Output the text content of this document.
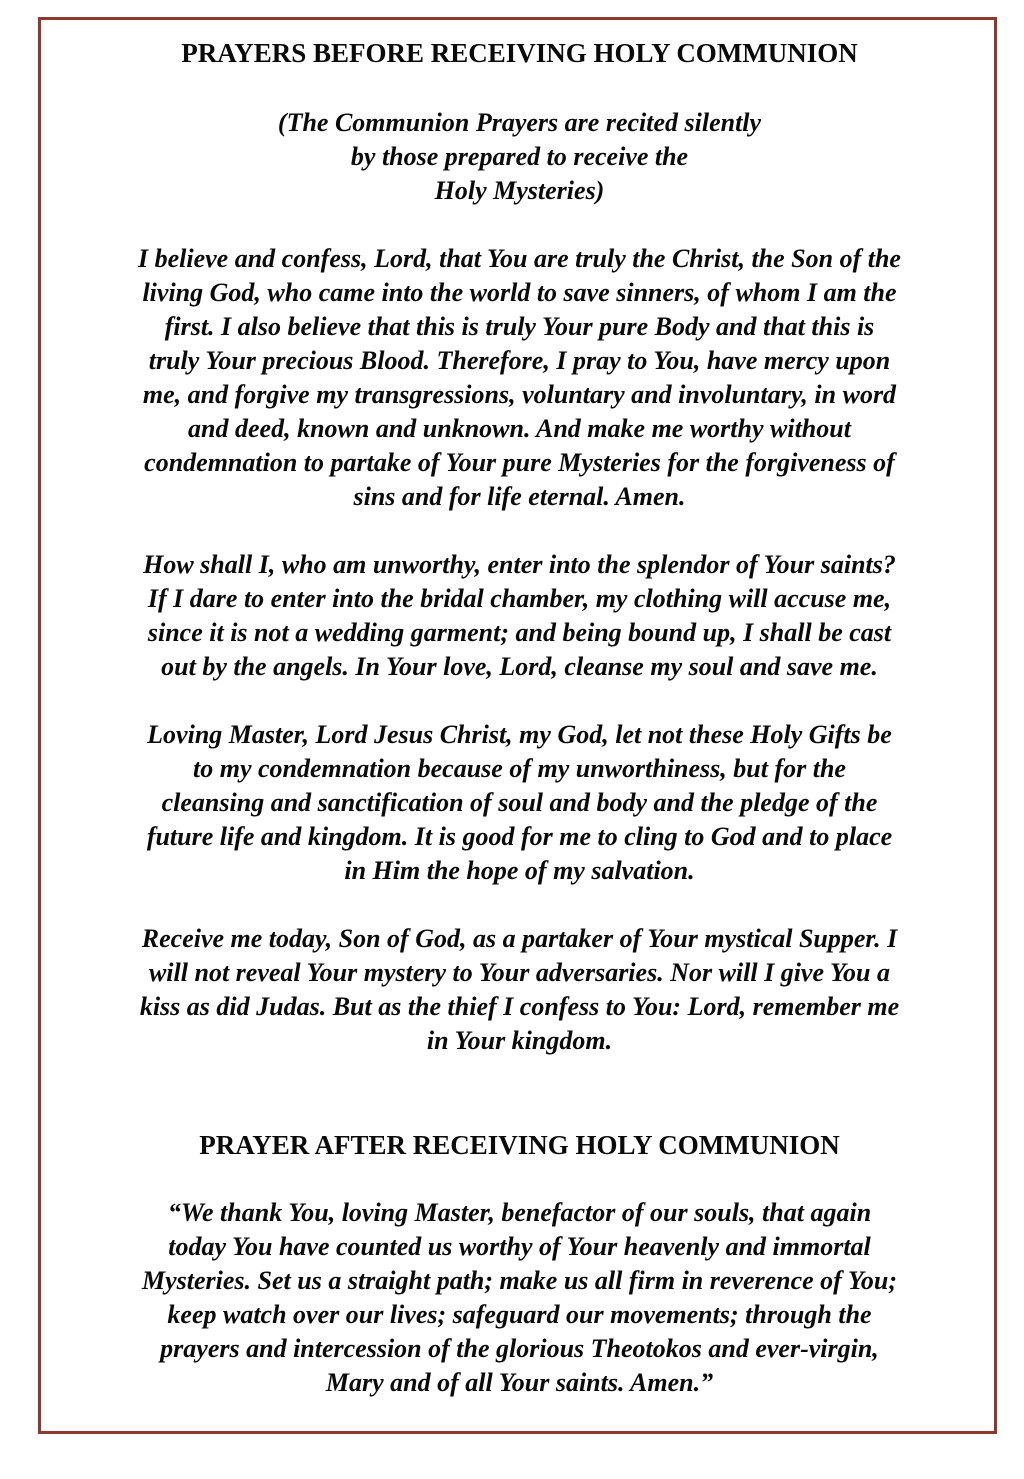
PRAYERS BEFORE RECEIVING HOLY COMMUNION

(The Communion Prayers are recited silently
by those prepared to receive the
Holy Mysteries)

I believe and confess, Lord, that You are truly the Christ, the Son of the
living God, who came into the world to save sinners, of whom I am the
first. I also believe that this is truly Your pure Body and that this is
truly Your precious Blood. Therefore, I pray to You, have mercy upon
me, and forgive my transgressions, voluntary and involuntary, in word
and deed, known and unknown. And make me worthy without
condemnation to partake of Your pure Mysteries for the forgiveness of
sins and for life eternal. Amen.

How shall I, who am unworthy, enter into the splendor of Your saints?
If I dare to enter into the bridal chamber, my clothing will accuse me,
since it is not a wedding garment; and being bound up, I shall be cast
out by the angels. In Your love, Lord, cleanse my soul and save me.

Loving Master, Lord Jesus Christ, my God, let not these Holy Gifts be
to my condemnation because of my unworthiness, but for the
cleansing and sanctification of soul and body and the pledge of the
future life and kingdom. It is good for me to cling to God and to place
in Him the hope of my salvation.

Receive me today, Son of God, as a partaker of Your mystical Supper. I
will not reveal Your mystery to Your adversaries. Nor will I give You a
kiss as did Judas. But as the thief I confess to You: Lord, remember me
in Your kingdom.

PRAYER AFTER RECEIVING HOLY COMMUNION

“We thank You, loving Master, benefactor of our souls, that again
today You have counted us worthy of Your heavenly and immortal
Mysteries. Set us a straight path; make us all firm in reverence of You;
keep watch over our lives; safeguard our movements; through the
prayers and intercession of the glorious Theotokos and ever-virgin,
Mary and of all Your saints. Amen.”
